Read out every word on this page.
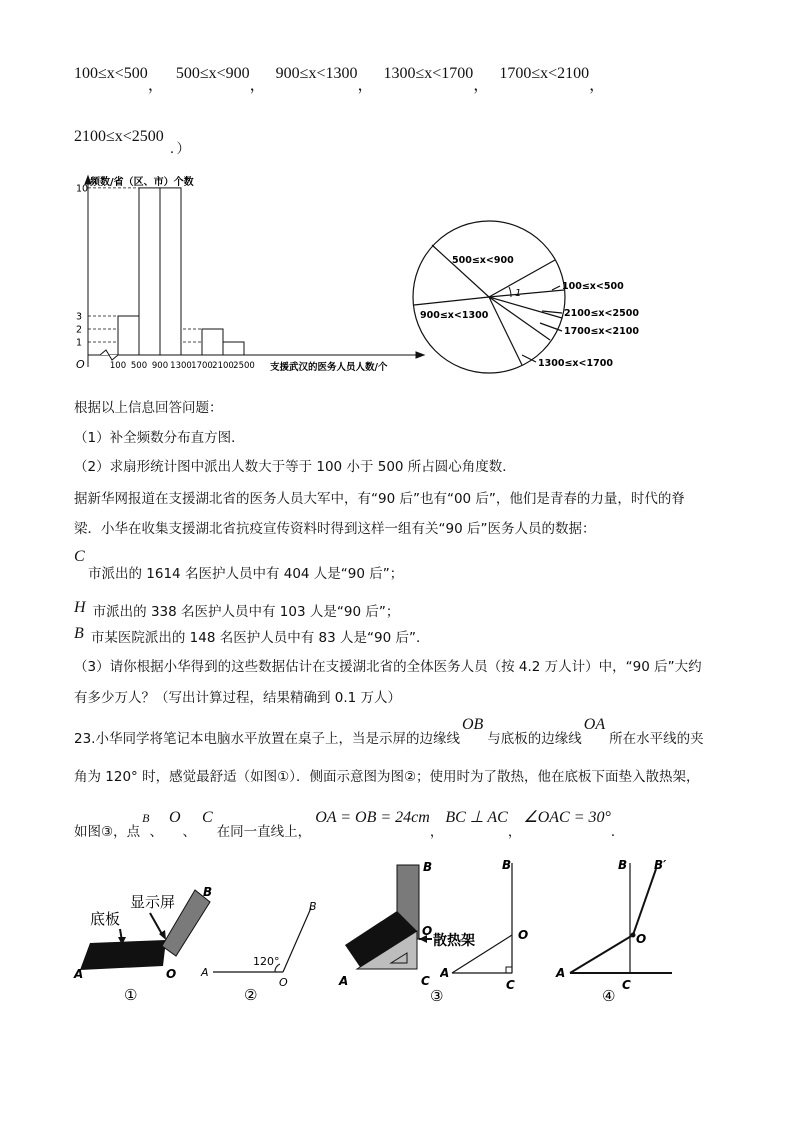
100≤x<500， 500≤x<900， 900≤x<1300， 1300≤x<1700， 1700≤x<2100，
$2100\le x<2500_{.)}$
1
2
3
10
100 500 900 1300 1700 2100 2500
频数/省（区、市）个数
支援武汉的医务人员人数/个
O
1
500≤x<900
900≤x<1300
100≤x<500
2100≤x<2500
1700≤x<2100
1300≤x<1700
根据以上信息回答问题：
（1）补全频数分布直方图．
（2）求扇形统计图中派出人数大于等于 100 小于 500 所占圆心角度数．
据新华网报道在支援湖北省的医务人员大军中，有“90 后”也有“00 后”，他们是青春的力量，时代的脊
梁．小华在收集支援湖北省抗疫宣传资料时得到这样一组有关“90 后”医务人员的数据：
C
市派出的 1614 名医护人员中有 404 人是“90 后”；
H $_{市派出的 338 名医护人员中有 103 人是“90 后”;}$
B $_{市某医院派出的 148 名医护人员中有 83 人是“90 后”.}$
（3）请你根据小华得到的这些数据估计在支援湖北省的全体医务人员（按 4.2 万人计）中，“90 后”大约
有多少万人？（写出计算过程，结果精确到 0.1 万人）
$_{23.小华同学将笔记本电脑水平放置在桌子上,当是示屏的边缘线}OB_{与底板的边缘线}OA_{所在水平线的夹}$
角为 120° 时，感觉最舒适（如图①）．侧面示意图为图②；使用时为了散热，他在底板下面垫入散热架，
$_{如图③,点}B_、O_、C_{在同一直线上,}OA$ = OB = $24cm_,BC$ ⊥ $AC_,\angle OAC = 30^\circ_.$
底板
显示屏
A	O
B
①
120°
A
O
B
②
散热架
B
O
A	C
③
B
O
A
C
B B′
O
A
C
④
